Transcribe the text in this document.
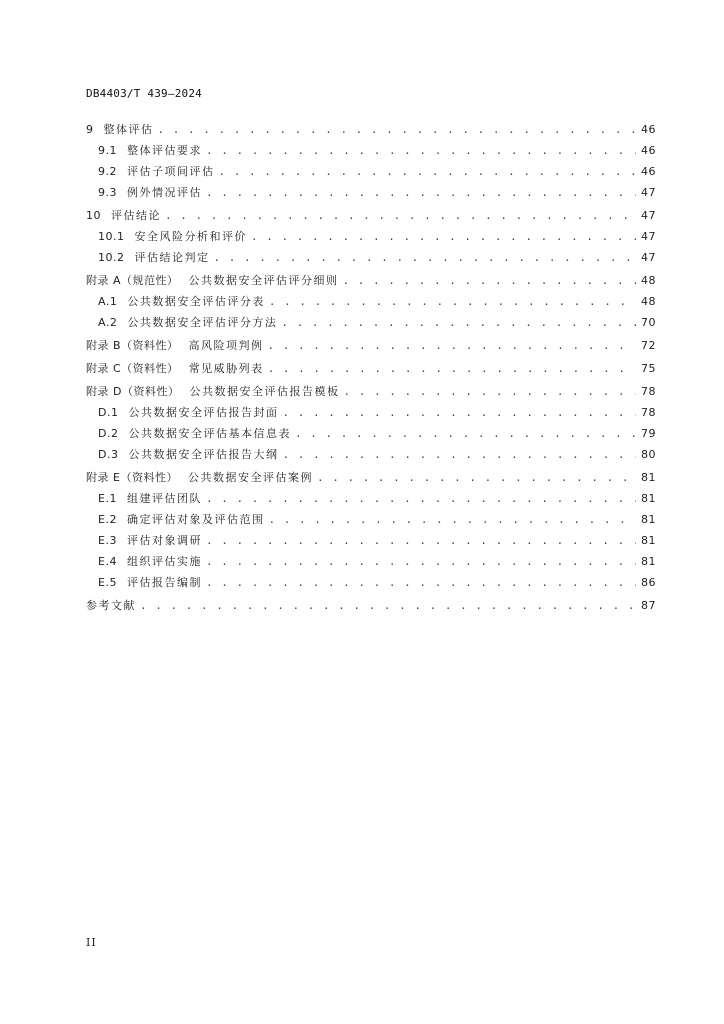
DB4403/T 439—2024
9 整体评估 . . .	46
9.1 整体评估要求 . . .	46
9.2 评估子项间评估 . . .	46
9.3 例外情况评估 . . .	47
10 评估结论 . . .	47
10.1 安全风险分析和评价 . . .	47
10.2 评估结论判定 . . .	47
附录 A（规范性） 公共数据安全评估评分细则 . . .	48
A.1 公共数据安全评估评分表 . . .	48
A.2 公共数据安全评估评分方法 . . .	70
附录 B（资料性） 高风险项判例 . . .	72
附录 C（资料性） 常见威胁列表 . . .	75
附录 D（资料性） 公共数据安全评估报告模板 . . .	78
D.1 公共数据安全评估报告封面 . . .	78
D.2 公共数据安全评估基本信息表 . . .	79
D.3 公共数据安全评估报告大纲 . . .	80
附录 E（资料性） 公共数据安全评估案例 . . .	81
E.1 组建评估团队 . . .	81
E.2 确定评估对象及评估范围 . . .	81
E.3 评估对象调研 . . .	81
E.4 组织评估实施 . . .	81
E.5 评估报告编制 . . .	86
参考文献 . . .	87
II
